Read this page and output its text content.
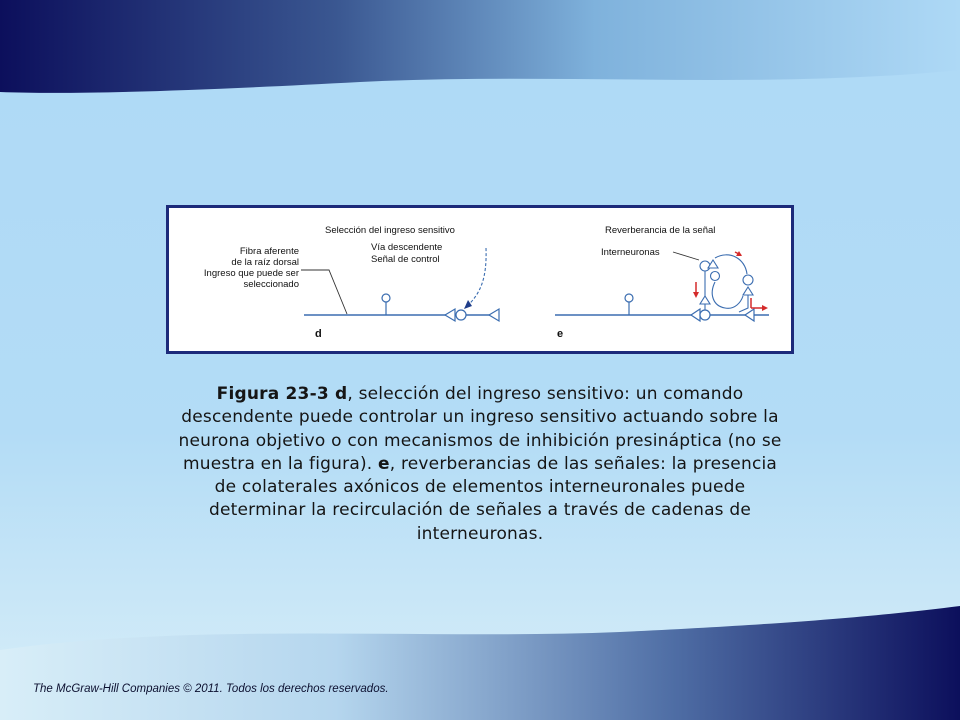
Selección del ingreso sensitivo
Fibra aferente
de la raíz dorsal
Ingreso que puede ser
seleccionado
Vía descendente
Señal de control
d
Reverberancia de la señal
Interneuronas
e
Figura 23-3 d, selección del ingreso sensitivo: un comando descendente puede controlar un ingreso sensitivo actuando sobre la neurona objetivo o con mecanismos de inhibición presináptica (no se muestra en la figura). e, reverberancias de las señales: la presencia de colaterales axónicos de elementos interneuronales puede determinar la recirculación de señales a través de cadenas de interneuronas.
The McGraw-Hill Companies © 2011. Todos los derechos reservados.
